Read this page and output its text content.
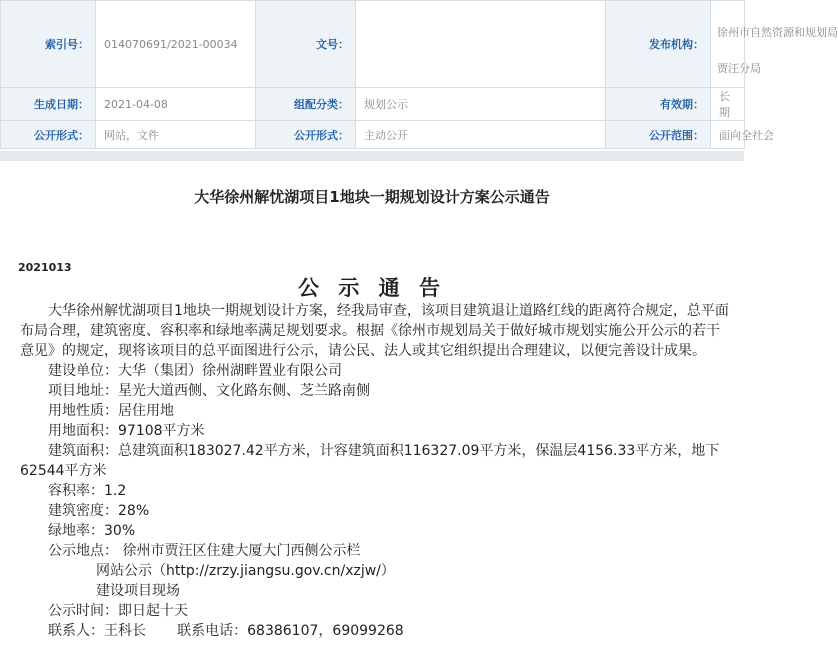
索引号：	014070691/2021-00034	文号：		发布机构：	徐州市自然资源和规划局
贾汪分局

生成日期：	2021-04-08	组配分类：	规划公示	有效期：	长 期
公开形式：	网站，文件	公开形式：	主动公开	公开范围：	面向全社会
大华徐州解忧湖项目1地块一期规划设计方案公示通告
2021013
公 示 通 告

大华徐州解忧湖项目1地块一期规划设计方案，经我局审查，该项目建筑退让道路红线的距离符合规定，总平面布局合理，建筑密度、容积率和绿地率满足规划要求。根据《徐州市规划局关于做好城市规划实施公开公示的若干意见》的规定，现将该项目的总平面图进行公示，请公民、法人或其它组织提出合理建议，以便完善设计成果。

建设单位：大华（集团）徐州湖畔置业有限公司

项目地址：星光大道西侧、文化路东侧、芝兰路南侧

用地性质：居住用地

用地面积：97108平方米

建筑面积：总建筑面积183027.42平方米，计容建筑面积116327.09平方米，保温层4156.33平方米，地下62544平方米

容积率：1.2

建筑密度：28%

绿地率：30%

公示地点： 徐州市贾汪区住建大厦大门西侧公示栏

网站公示（http://zrzy.jiangsu.gov.cn/xzjw/）

建设项目现场

公示时间：即日起十天

联系人：王科长       联系电话：68386107，69099268
